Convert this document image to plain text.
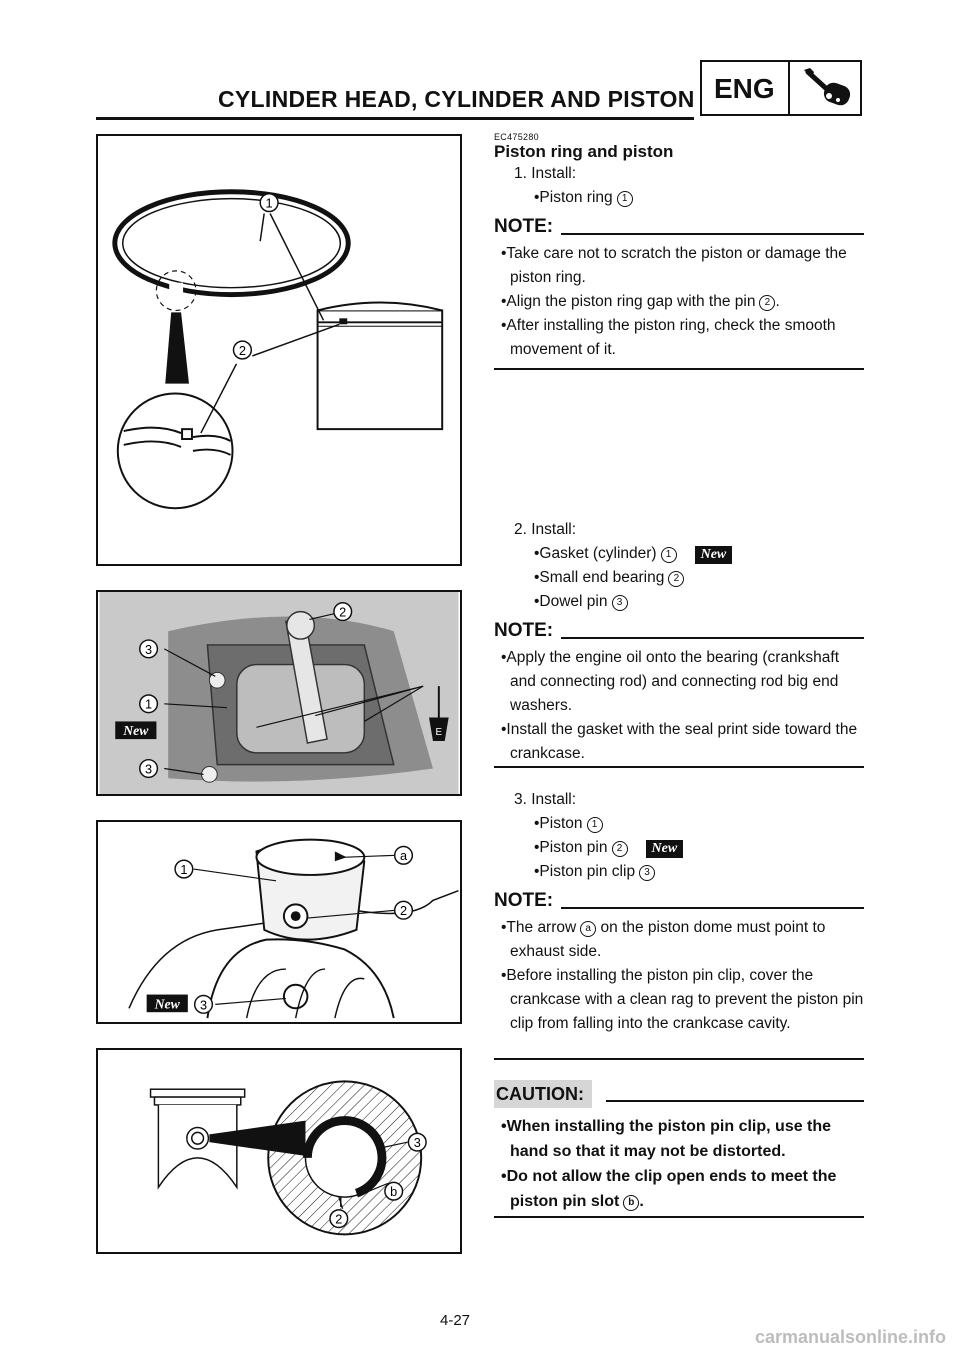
CYLINDER HEAD, CYLINDER AND PISTON ENG
1
2
2
3
1
3
New	E
a
1
2
3
New
3
b
2
EC475280
Piston ring and piston
1. Install:
•Piston ring 1
NOTE:
•Take care not to scratch the piston or damage the piston ring.
•Align the piston ring gap with the pin 2 .
•After installing the piston ring, check the smooth movement of it.
2. Install:
•Gasket (cylinder) 1 New
•Small end bearing 2
•Dowel pin 3
NOTE:
•Apply the engine oil onto the bearing (crankshaft and connecting rod) and connecting rod big end washers.
•Install the gasket with the seal print side toward the crankcase.
3. Install:
•Piston 1
•Piston pin 2 New
•Piston pin clip 3
NOTE:
•The arrow a on the piston dome must point to exhaust side.
•Before installing the piston pin clip, cover the crankcase with a clean rag to prevent the piston pin clip from falling into the crankcase cavity.
CAUTION:
•When installing the piston pin clip, use the hand so that it may not be distorted.
•Do not allow the clip open ends to meet the piston pin slot b .
4-27
carmanualsonline.info
